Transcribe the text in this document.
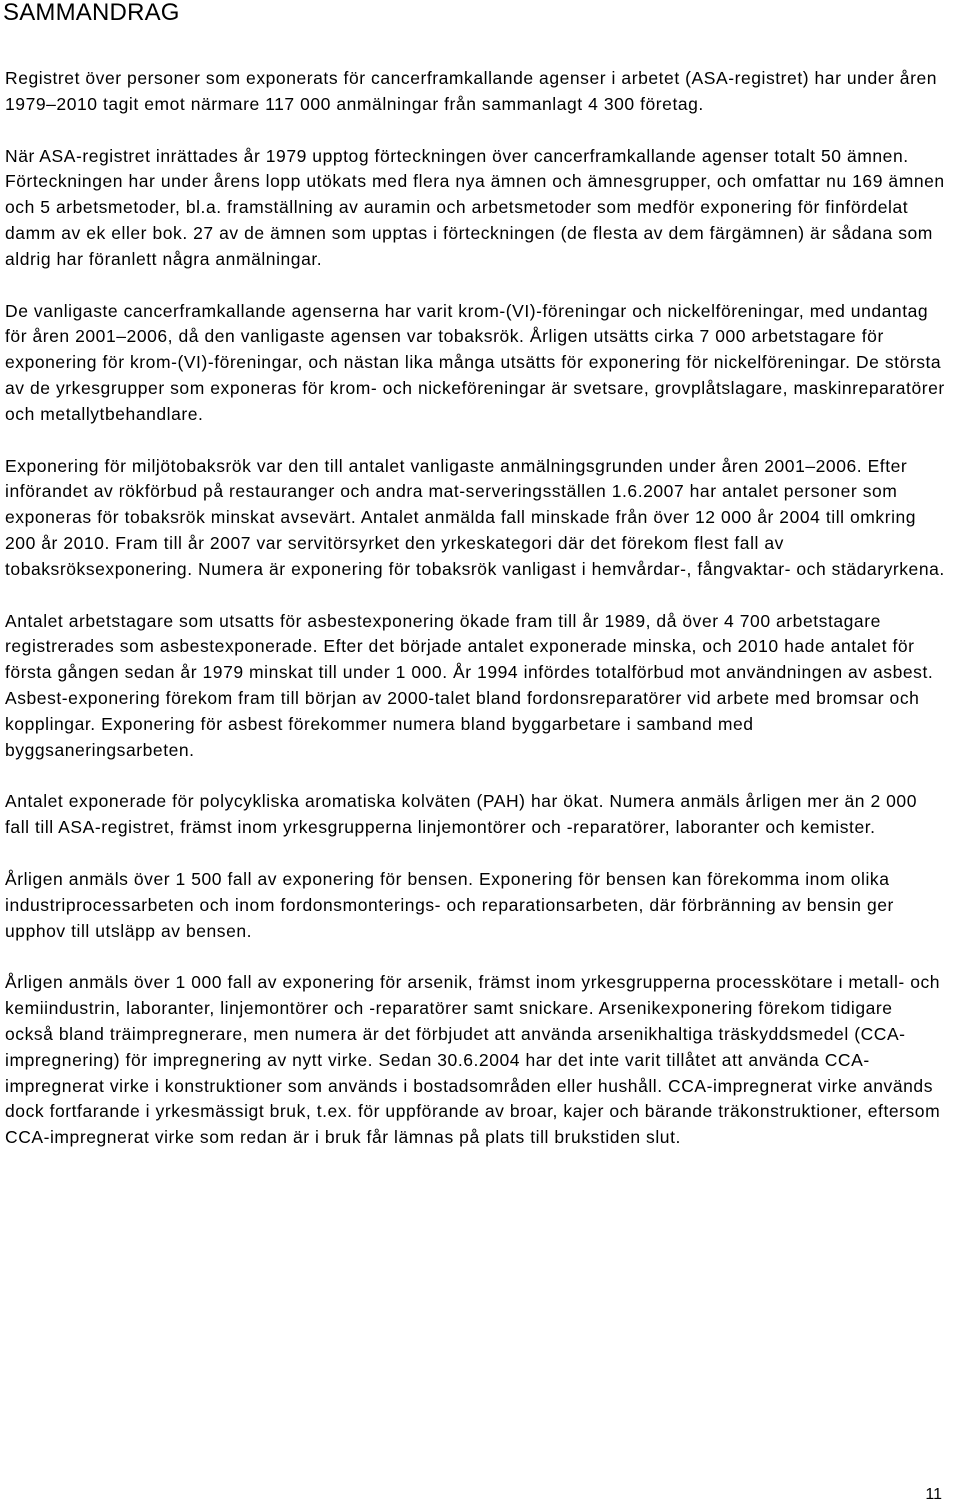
SAMMANDRAG

Registret över personer som exponerats för cancerframkallande agenser i arbetet (ASA-registret) har under åren 1979–2010 tagit emot närmare 117 000 anmälningar från sammanlagt 4 300 företag.

När ASA-registret inrättades år 1979 upptog förteckningen över cancerframkallande agenser totalt 50 ämnen. Förteckningen har under årens lopp utökats med flera nya ämnen och ämnesgrupper, och omfattar nu 169 ämnen och 5 arbetsmetoder, bl.a. framställning av auramin och arbetsmetoder som medför exponering för finfördelat damm av ek eller bok. 27 av de ämnen som upptas i förteckningen (de flesta av dem färgämnen) är sådana som aldrig har föranlett några anmälningar.

De vanligaste cancerframkallande agenserna har varit krom-(VI)-föreningar och nickelföreningar, med undantag för åren 2001–2006, då den vanligaste agensen var tobaksrök. Årligen utsätts cirka 7 000 arbetstagare för exponering för krom-(VI)-föreningar, och nästan lika många utsätts för exponering för nickelföreningar. De största av de yrkesgrupper som exponeras för krom- och nickeföreningar är svetsare, grovplåtslagare, maskinreparatörer och metallytbehandlare.

Exponering för miljötobaksrök var den till antalet vanligaste anmälningsgrunden under åren 2001–2006. Efter införandet av rökförbud på restauranger och andra mat-serveringsställen 1.6.2007 har antalet personer som exponeras för tobaksrök minskat avsevärt. Antalet anmälda fall minskade från över 12 000 år 2004 till omkring 200 år 2010. Fram till år 2007 var servitörsyrket den yrkeskategori där det förekom flest fall av tobaksröksexponering. Numera är exponering för tobaksrök vanligast i hemvårdar-, fångvaktar- och städaryrkena.

Antalet arbetstagare som utsatts för asbestexponering ökade fram till år 1989, då över 4 700 arbetstagare registrerades som asbestexponerade. Efter det började antalet exponerade minska, och 2010 hade antalet för första gången sedan år 1979 minskat till under 1 000. År 1994 infördes totalförbud mot användningen av asbest. Asbest-exponering förekom fram till början av 2000-talet bland fordonsreparatörer vid arbete med bromsar och kopplingar. Exponering för asbest förekommer numera bland byggarbetare i samband med byggsaneringsarbeten.

Antalet exponerade för polycykliska aromatiska kolväten (PAH) har ökat. Numera anmäls årligen mer än 2 000 fall till ASA-registret, främst inom yrkesgrupperna linjemontörer och -reparatörer, laboranter och kemister.

Årligen anmäls över 1 500 fall av exponering för bensen. Exponering för bensen kan förekomma inom olika industriprocessarbeten och inom fordonsmonterings- och reparationsarbeten, där förbränning av bensin ger upphov till utsläpp av bensen.

Årligen anmäls över 1 000 fall av exponering för arsenik, främst inom yrkesgrupperna processkötare i metall- och kemiindustrin, laboranter, linjemontörer och -reparatörer samt snickare. Arsenikexponering förekom tidigare också bland träimpregnerare, men numera är det förbjudet att använda arsenikhaltiga träskyddsmedel (CCA-impregnering) för impregnering av nytt virke. Sedan 30.6.2004 har det inte varit tillåtet att använda CCA-impregnerat virke i konstruktioner som används i bostadsområden eller hushåll. CCA-impregnerat virke används dock fortfarande i yrkesmässigt bruk, t.ex. för uppförande av broar, kajer och bärande träkonstruktioner, eftersom CCA-impregnerat virke som redan är i bruk får lämnas på plats till brukstiden slut.

11
